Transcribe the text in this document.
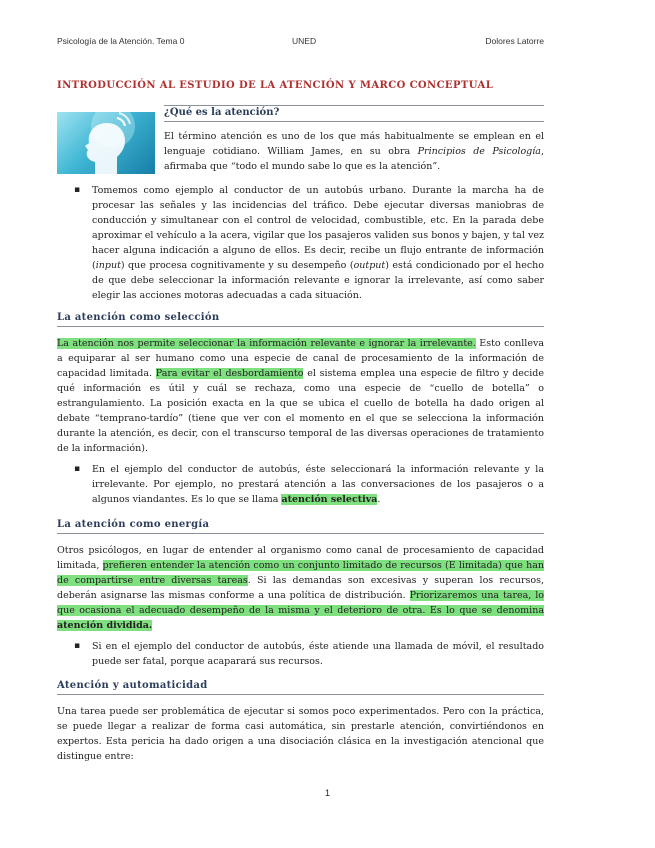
Psicología de la Atención. Tema 0	UNED	Dolores Latorre
INTRODUCCIÓN AL ESTUDIO DE LA ATENCIÓN Y MARCO CONCEPTUAL
¿Qué es la atención?

El término atención es uno de los que más habitualmente se emplean en el lenguaje cotidiano. William James, en su obra Principios de Psicología, afirmaba que “todo el mundo sabe lo que es la atención”.

▪ Tomemos como ejemplo al conductor de un autobús urbano. Durante la marcha ha de procesar las señales y las incidencias del tráfico. Debe ejecutar diversas maniobras de conducción y simultanear con el control de velocidad, combustible, etc. En la parada debe aproximar el vehículo a la acera, vigilar que los pasajeros validen sus bonos y bajen, y tal vez hacer alguna indicación a alguno de ellos. Es decir, recibe un flujo entrante de información (input) que procesa cognitivamente y su desempeño (output) está condicionado por el hecho de que debe seleccionar la información relevante e ignorar la irrelevante, así como saber elegir las acciones motoras adecuadas a cada situación.

La atención como selección

La atención nos permite seleccionar la información relevante e ignorar la irrelevante. Esto conlleva a equiparar al ser humano como una especie de canal de procesamiento de la información de capacidad limitada. Para evitar el desbordamiento el sistema emplea una especie de filtro y decide qué información es útil y cuál se rechaza, como una especie de “cuello de botella” o estrangulamiento. La posición exacta en la que se ubica el cuello de botella ha dado origen al debate “temprano-tardío” (tiene que ver con el momento en el que se selecciona la información durante la atención, es decir, con el transcurso temporal de las diversas operaciones de tratamiento de la información).

▪ En el ejemplo del conductor de autobús, éste seleccionará la información relevante y la irrelevante. Por ejemplo, no prestará atención a las conversaciones de los pasajeros o a algunos viandantes. Es lo que se llama atención selectiva.

La atención como energía

Otros psicólogos, en lugar de entender al organismo como canal de procesamiento de capacidad limitada, prefieren entender la atención como un conjunto limitado de recursos (E limitada) que han de compartirse entre diversas tareas. Si las demandas son excesivas y superan los recursos, deberán asignarse las mismas conforme a una política de distribución. Priorizaremos una tarea, lo que ocasiona el adecuado desempeño de la misma y el deterioro de otra. Es lo que se denomina atención dividida.

▪ Si en el ejemplo del conductor de autobús, éste atiende una llamada de móvil, el resultado puede ser fatal, porque acaparará sus recursos.

Atención y automaticidad

Una tarea puede ser problemática de ejecutar si somos poco experimentados. Pero con la práctica, se puede llegar a realizar de forma casi automática, sin prestarle atención, convirtiéndonos en expertos. Esta pericia ha dado origen a una disociación clásica en la investigación atencional que distingue entre:

1
